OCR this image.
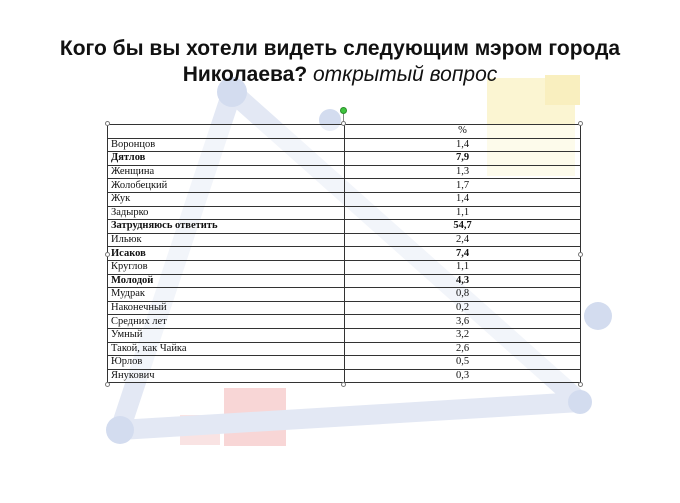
Кого бы вы хотели видеть следующим мэром города Николаева? открытый вопрос
	%
Воронцов	1,4
Дятлов	7,9
Женщина	1,3
Жолобецкий	1,7
Жук	1,4
Задырко	1,1
Затрудняюсь ответить	54,7
Ильюк	2,4
Исаков	7,4
Круглов	1,1
Молодой	4,3
Мудрак	0,8
Наконечный	0,2
Средних лет	3,6
Умный	3,2
Такой, как Чайка	2,6
Юрлов	0,5
Янукович	0,3
